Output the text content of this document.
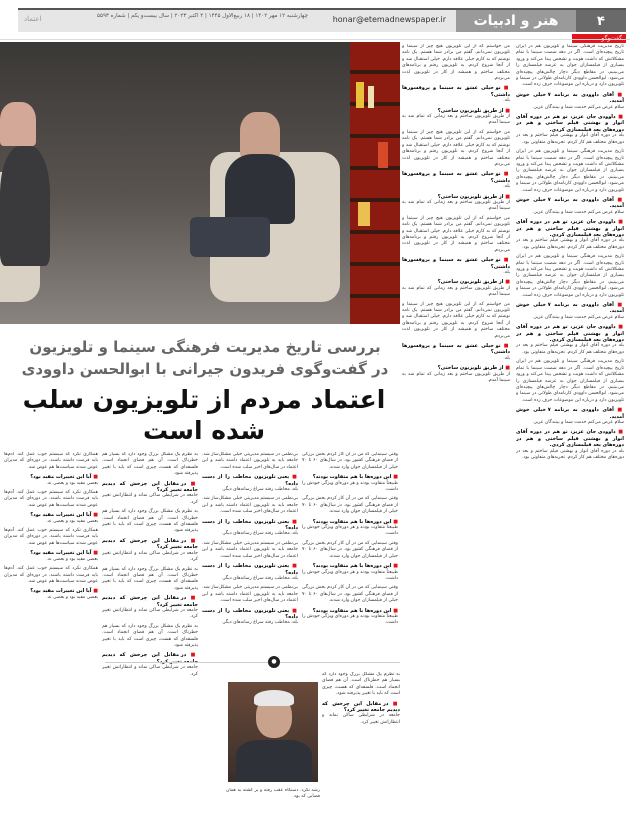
۴
هنر و ادبیات
honar@etemadnewspaper.ir
چهارشنبه ۱۲ مهر ۱۴۰۲ | ۱۸ ربیع‌الاول ۱۴۴۵ | ۴ اکتبر ۲۰۲۳ | سال بیست‌و یکم | شماره ۵۵۹۳
اعتماد
گفت‌وگو
بررسی تاریخ مدیریت فرهنگی سینما و تلویزیون
در گفت‌وگوی فریدون جیرانی با ابوالحسن داوودی
اعتماد مردم از تلویزیون سلب شده است

تاریخ مدیریت فرهنگی سینما و تلویزیون هم در ایران تاریخ پیچیده‌ای است. اگر در دهه شصت سینما با تمام مشکلاتش که داشت هویت و تشخص پیدا می‌کند و ورود بسیاری از فیلمسازان جوان به عرصه فیلمسازی را می‌بینیم، در مقاطع دیگر دچار چالش‌های پیچیده‌ای می‌شود. ابوالحسن داوودی کارنامه‌ای طولانی در سینما و تلویزیون دارد و درباره این موضوعات حرف زده است.

■ آقای داوودی به برنامه ۷ خیلی خوش آمدید.
سلام عرض می‌کنم خدمت شما و بینندگان عزیز.

■ داوودی جان عزیز، تو هم در دوره آقای انوار و بهشتی فیلم ساختی و هم در دوره‌های بعد فیلمسازی کردی.
بله در دوره آقای انوار و بهشتی فیلم ساختم و بعد در دوره‌های مختلف هم کار کردم. تجربه‌های متفاوتی بود.

تاریخ مدیریت فرهنگی سینما و تلویزیون هم در ایران تاریخ پیچیده‌ای است. اگر در دهه شصت سینما با تمام مشکلاتش که داشت هویت و تشخص پیدا می‌کند و ورود بسیاری از فیلمسازان جوان به عرصه فیلمسازی را می‌بینیم، در مقاطع دیگر دچار چالش‌های پیچیده‌ای می‌شود. ابوالحسن داوودی کارنامه‌ای طولانی در سینما و تلویزیون دارد و درباره این موضوعات حرف زده است.

■ آقای داوودی به برنامه ۷ خیلی خوش آمدید.
سلام عرض می‌کنم خدمت شما و بینندگان عزیز.

■ داوودی جان عزیز، تو هم در دوره آقای انوار و بهشتی فیلم ساختی و هم در دوره‌های بعد فیلمسازی کردی.
بله در دوره آقای انوار و بهشتی فیلم ساختم و بعد در دوره‌های مختلف هم کار کردم. تجربه‌های متفاوتی بود.

تاریخ مدیریت فرهنگی سینما و تلویزیون هم در ایران تاریخ پیچیده‌ای است. اگر در دهه شصت سینما با تمام مشکلاتش که داشت هویت و تشخص پیدا می‌کند و ورود بسیاری از فیلمسازان جوان به عرصه فیلمسازی را می‌بینیم، در مقاطع دیگر دچار چالش‌های پیچیده‌ای می‌شود. ابوالحسن داوودی کارنامه‌ای طولانی در سینما و تلویزیون دارد و درباره این موضوعات حرف زده است.

■ آقای داوودی به برنامه ۷ خیلی خوش آمدید.
سلام عرض می‌کنم خدمت شما و بینندگان عزیز.

■ داوودی جان عزیز، تو هم در دوره آقای انوار و بهشتی فیلم ساختی و هم در دوره‌های بعد فیلمسازی کردی.
بله در دوره آقای انوار و بهشتی فیلم ساختم و بعد در دوره‌های مختلف هم کار کردم. تجربه‌های متفاوتی بود.

تاریخ مدیریت فرهنگی سینما و تلویزیون هم در ایران تاریخ پیچیده‌ای است. اگر در دهه شصت سینما با تمام مشکلاتش که داشت هویت و تشخص پیدا می‌کند و ورود بسیاری از فیلمسازان جوان به عرصه فیلمسازی را می‌بینیم، در مقاطع دیگر دچار چالش‌های پیچیده‌ای می‌شود. ابوالحسن داوودی کارنامه‌ای طولانی در سینما و تلویزیون دارد و درباره این موضوعات حرف زده است.

■ آقای داوودی به برنامه ۷ خیلی خوش آمدید.
سلام عرض می‌کنم خدمت شما و بینندگان عزیز.

■ داوودی جان عزیز، تو هم در دوره آقای انوار و بهشتی فیلم ساختی و هم در دوره‌های بعد فیلمسازی کردی.
بله در دوره آقای انوار و بهشتی فیلم ساختم و بعد در دوره‌های مختلف هم کار کردم. تجربه‌های متفاوتی بود.

من خواستم که از این تلویزیون هیچ چیز از سینما و تلویزیون نمی‌دانم. گفتم من برادر شما هستم. یک نامه نوشتم که به کارم خیلی علاقه دارم. خیلی استقبال شد و از آنجا شروع کردم. به تلویزیون رفتم و برنامه‌های مختلف ساختم و همیشه از کار در تلویزیون لذت می‌بردم.

■ تو خیلی عشق به سینما و پروفسورها داشتی؟
بله.

■ از طریق تلویزیون ساختی؟
از طریق تلویزیون ساختم و بعد زمانی که تمام شد به سینما آمدم.

من خواستم که از این تلویزیون هیچ چیز از سینما و تلویزیون نمی‌دانم. گفتم من برادر شما هستم. یک نامه نوشتم که به کارم خیلی علاقه دارم. خیلی استقبال شد و از آنجا شروع کردم. به تلویزیون رفتم و برنامه‌های مختلف ساختم و همیشه از کار در تلویزیون لذت می‌بردم.

■ تو خیلی عشق به سینما و پروفسورها داشتی؟
بله.

■ از طریق تلویزیون ساختی؟
از طریق تلویزیون ساختم و بعد زمانی که تمام شد به سینما آمدم.

من خواستم که از این تلویزیون هیچ چیز از سینما و تلویزیون نمی‌دانم. گفتم من برادر شما هستم. یک نامه نوشتم که به کارم خیلی علاقه دارم. خیلی استقبال شد و از آنجا شروع کردم. به تلویزیون رفتم و برنامه‌های مختلف ساختم و همیشه از کار در تلویزیون لذت می‌بردم.

■ تو خیلی عشق به سینما و پروفسورها داشتی؟
بله.

■ از طریق تلویزیون ساختی؟
از طریق تلویزیون ساختم و بعد زمانی که تمام شد به سینما آمدم.

من خواستم که از این تلویزیون هیچ چیز از سینما و تلویزیون نمی‌دانم. گفتم من برادر شما هستم. یک نامه نوشتم که به کارم خیلی علاقه دارم. خیلی استقبال شد و از آنجا شروع کردم. به تلویزیون رفتم و برنامه‌های مختلف ساختم و همیشه از کار در تلویزیون لذت می‌بردم.

■ تو خیلی عشق به سینما و پروفسورها داشتی؟
بله.

■ از طریق تلویزیون ساختی؟
از طریق تلویزیون ساختم و بعد زمانی که تمام شد به سینما آمدم.

وقتی سینمایی که من در آن کار کردم بخش بزرگی از فضای فرهنگی کشور بود. در سال‌های ۶۰ تا ۷۰ خیلی از فیلمسازان جوان وارد شدند.

■ این دوره‌ها با هم متفاوت بودند؟
طبیعتاً متفاوت بودند و هر دوره‌ای ویژگی خودش را داشت.

وقتی سینمایی که من در آن کار کردم بخش بزرگی از فضای فرهنگی کشور بود. در سال‌های ۶۰ تا ۷۰ خیلی از فیلمسازان جوان وارد شدند.

■ این دوره‌ها با هم متفاوت بودند؟
طبیعتاً متفاوت بودند و هر دوره‌ای ویژگی خودش را داشت.

وقتی سینمایی که من در آن کار کردم بخش بزرگی از فضای فرهنگی کشور بود. در سال‌های ۶۰ تا ۷۰ خیلی از فیلمسازان جوان وارد شدند.

■ این دوره‌ها با هم متفاوت بودند؟
طبیعتاً متفاوت بودند و هر دوره‌ای ویژگی خودش را داشت.

وقتی سینمایی که من در آن کار کردم بخش بزرگی از فضای فرهنگی کشور بود. در سال‌های ۶۰ تا ۷۰ خیلی از فیلمسازان جوان وارد شدند.

■ این دوره‌ها با هم متفاوت بودند؟
طبیعتاً متفاوت بودند و هر دوره‌ای ویژگی خودش را داشت.

بی‌نظمی در سیستم مدیریتی خیلی مشکل‌ساز شد. جامعه باید به تلویزیون اعتماد داشته باشد و این اعتماد در سال‌های اخیر سلب شده است.

■ یعنی تلویزیون مخاطب را از دست داده؟
بله، مخاطب رفته سراغ رسانه‌های دیگر.

بی‌نظمی در سیستم مدیریتی خیلی مشکل‌ساز شد. جامعه باید به تلویزیون اعتماد داشته باشد و این اعتماد در سال‌های اخیر سلب شده است.

■ یعنی تلویزیون مخاطب را از دست داده؟
بله، مخاطب رفته سراغ رسانه‌های دیگر.

بی‌نظمی در سیستم مدیریتی خیلی مشکل‌ساز شد. جامعه باید به تلویزیون اعتماد داشته باشد و این اعتماد در سال‌های اخیر سلب شده است.

■ یعنی تلویزیون مخاطب را از دست داده؟
بله، مخاطب رفته سراغ رسانه‌های دیگر.

بی‌نظمی در سیستم مدیریتی خیلی مشکل‌ساز شد. جامعه باید به تلویزیون اعتماد داشته باشد و این اعتماد در سال‌های اخیر سلب شده است.

■ یعنی تلویزیون مخاطب را از دست داده؟
بله، مخاطب رفته سراغ رسانه‌های دیگر.

به نظرم یک مشکل بزرگ وجود دارد که بسیار هم خطرناک است. آن هم فضای انجماد است. فلسفه‌ای که هست، چیزی است که باید با تغییر پذیرفته شود.

■ در مقابل این چرخش که دیدیم جامعه تغییر کرد؟
جامعه در شرایطی ساکن نماند و انتظاراتش تغییر کرد.

به نظرم یک مشکل بزرگ وجود دارد که بسیار هم خطرناک است. آن هم فضای انجماد است. فلسفه‌ای که هست، چیزی است که باید با تغییر پذیرفته شود.

■ در مقابل این چرخش که دیدیم جامعه تغییر کرد؟
جامعه در شرایطی ساکن نماند و انتظاراتش تغییر کرد.

به نظرم یک مشکل بزرگ وجود دارد که بسیار هم خطرناک است. آن هم فضای انجماد است. فلسفه‌ای که هست، چیزی است که باید با تغییر پذیرفته شود.

■ در مقابل این چرخش که دیدیم جامعه تغییر کرد؟
جامعه در شرایطی ساکن نماند و انتظاراتش تغییر کرد.

به نظرم یک مشکل بزرگ وجود دارد که بسیار هم خطرناک است. آن هم فضای انجماد است. فلسفه‌ای که هست، چیزی است که باید با تغییر پذیرفته شود.

■ در مقابل این چرخش که دیدیم جامعه تغییر کرد؟
جامعه در شرایطی ساکن نماند و انتظاراتش تغییر کرد.

همکاری نکرد که سیستم خوب عمل کند. آدم‌ها باید فرصت داشته باشند. در دوره‌ای که مدیران عوض شدند سیاست‌ها هم عوض شد.

■ آیا این تغییرات مفید بود؟
بعضی مفید بود و بعضی نه.

همکاری نکرد که سیستم خوب عمل کند. آدم‌ها باید فرصت داشته باشند. در دوره‌ای که مدیران عوض شدند سیاست‌ها هم عوض شد.

■ آیا این تغییرات مفید بود؟
بعضی مفید بود و بعضی نه.

همکاری نکرد که سیستم خوب عمل کند. آدم‌ها باید فرصت داشته باشند. در دوره‌ای که مدیران عوض شدند سیاست‌ها هم عوض شد.

■ آیا این تغییرات مفید بود؟
بعضی مفید بود و بعضی نه.

همکاری نکرد که سیستم خوب عمل کند. آدم‌ها باید فرصت داشته باشند. در دوره‌ای که مدیران عوض شدند سیاست‌ها هم عوض شد.

■ آیا این تغییرات مفید بود؟
بعضی مفید بود و بعضی نه.

●
رشد نکرد. دستگاه عقب رفته و بر گشته به همان فضایی که بود.

به نظرم یک مشکل بزرگ وجود دارد که بسیار هم خطرناک است. آن هم فضای انجماد است. فلسفه‌ای که هست، چیزی است که باید با تغییر پذیرفته شود.

■ در مقابل این چرخش که دیدیم جامعه تغییر کرد؟
جامعه در شرایطی ساکن نماند و انتظاراتش تغییر کرد.
